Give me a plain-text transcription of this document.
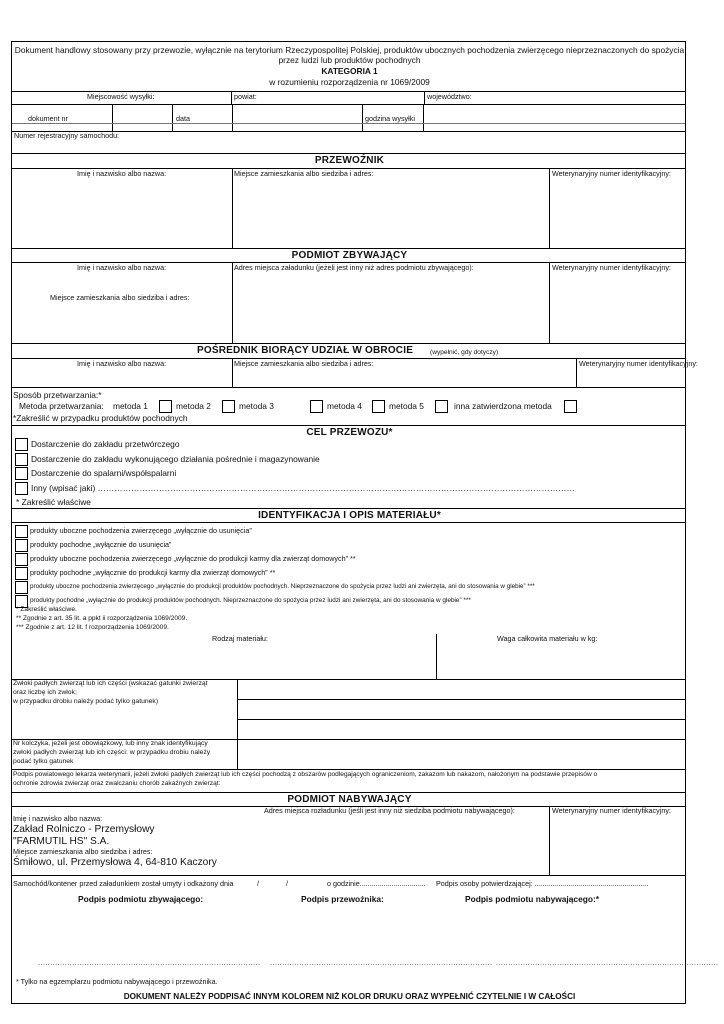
Dokument handlowy stosowany przy przewozie, wyłącznie na terytorium Rzeczypospolitej Polskiej, produktów ubocznych pochodzenia zwierzęcego nieprzeznaczonych do spożycia
przez ludzi lub produktów pochodnych
KATEGORIA 1
w rozumieniu rozporządzenia nr 1069/2009
Miejscowość wysyłki:	powiat:	województwo:
dokument nr	data	godzina wysyłki
Numer rejestracyjny samochodu:
PRZEWOŹNIK
Imię i nazwisko albo nazwa:	Miejsce zamieszkania albo siedziba i adres:	Weterynaryjny numer identyfikacyjny:
PODMIOT ZBYWAJĄCY
Imię i nazwisko albo nazwa:	Adres miejsca załadunku (jeżeli jest inny niż adres podmiotu zbywającego):	Weterynaryjny numer identyfikacyjny:
Miejsce zamieszkania albo siedziba i adres:
POŚREDNIK BIORĄCY UDZIAŁ W OBROCIE	(wypełnić, gdy dotyczy)
Imię i nazwisko albo nazwa:	Miejsce zamieszkania albo siedziba i adres:	Weterynaryjny numer identyfikacyjny:
Sposób przetwarzania:*
Metoda przetwarzania: metoda 1	metoda 2	metoda 3	metoda 4	metoda 5	inna zatwierdzona metoda
*Zakreślić w przypadku produktów pochodnych
CEL PRZEWOZU*
Dostarczenie do zakładu przetwórczego
Dostarczenie do zakładu wykonującego działania pośrednie i magazynowanie
Dostarczenie do spalarni/współspalarni
Inny (wpisać jaki) ………………………………………………………………………………………………………………………………………………………
* Zakreślić właściwe
IDENTYFIKACJA I OPIS MATERIAŁU*
produkty uboczne pochodzenia zwierzęcego „wyłącznie do usunięcia”
produkty pochodne „wyłącznie do usunięcia”
produkty uboczne pochodzenia zwierzęcego „wyłącznie do produkcji karmy dla zwierząt domowych” **
produkty pochodne „wyłącznie do produkcji karmy dla zwierząt domowych” **
produkty uboczne pochodzenia zwierzęcego „wyłącznie do produkcji produktów pochodnych. Nieprzeznaczone do spożycia przez ludzi ani zwierzęta, ani do stosowania w glebie” ***
produkty pochodne „wyłącznie do produkcji produktów pochodnych. Nieprzeznaczone do spożycia przez ludzi ani zwierzęta, ani do stosowania w glebie” ***
* Zakreślić właściwe.
** Zgodnie z art. 35 lit. a ppkt ii rozporządzenia 1069/2009.
*** Zgodnie z art. 12 lit. f rozporządzenia 1069/2009.
Rodzaj materiału:	Waga całkowita materiału w kg:
Zwłoki padłych zwierząt lub ich części (wskazać gatunki zwierząt
oraz liczbę ich zwłok;
w przypadku drobiu należy podać tylko gatunek)
Nr kolczyka, jeżeli jest obowiązkowy, lub inny znak identyfikujący
zwłoki padłych zwierząt lub ich części: w przypadku drobiu należy
podać tylko gatunek
Podpis powiatowego lekarza weterynarii, jeżeli zwłoki padłych zwierząt lub ich części pochodzą z obszarów podlegających ograniczeniom, zakazom lub nakazom, nałożonym na podstawie przepisów o
ochronie zdrowia zwierząt oraz zwalczaniu chorób zakaźnych zwierząt:
PODMIOT NABYWAJĄCY
Adres miejsca rozładunku (jeśli jest inny niż siedziba podmiotu nabywającego):	Weterynaryjny numer identyfikacyjny:
Imię i nazwisko albo nazwa:
Zakład Rolniczo - Przemysłowy
"FARMUTIL HS" S.A.
Miejsce zamieszkania albo siedziba i adres:
Śmiłowo, ul. Przemysłowa 4, 64-810 Kaczory
Samochód/kontener przed załadunkiem został umyty i odkażony dnia	/	/	o godzinie................................. Podpis osoby potwierdzającej: .........................................................
Podpis podmiotu zbywającego:	Podpis przewoźnika:	Podpis podmiotu nabywającego:*
........................................................................................... ........................................................................................... ...........................................................................................
* Tylko na egzemplarzu podmiotu nabywającego i przewoźnika.
DOKUMENT NALEŻY PODPISAĆ INNYM KOLOREM NIŻ KOLOR DRUKU ORAZ WYPEŁNIĆ CZYTELNIE I W CAŁOŚCI
